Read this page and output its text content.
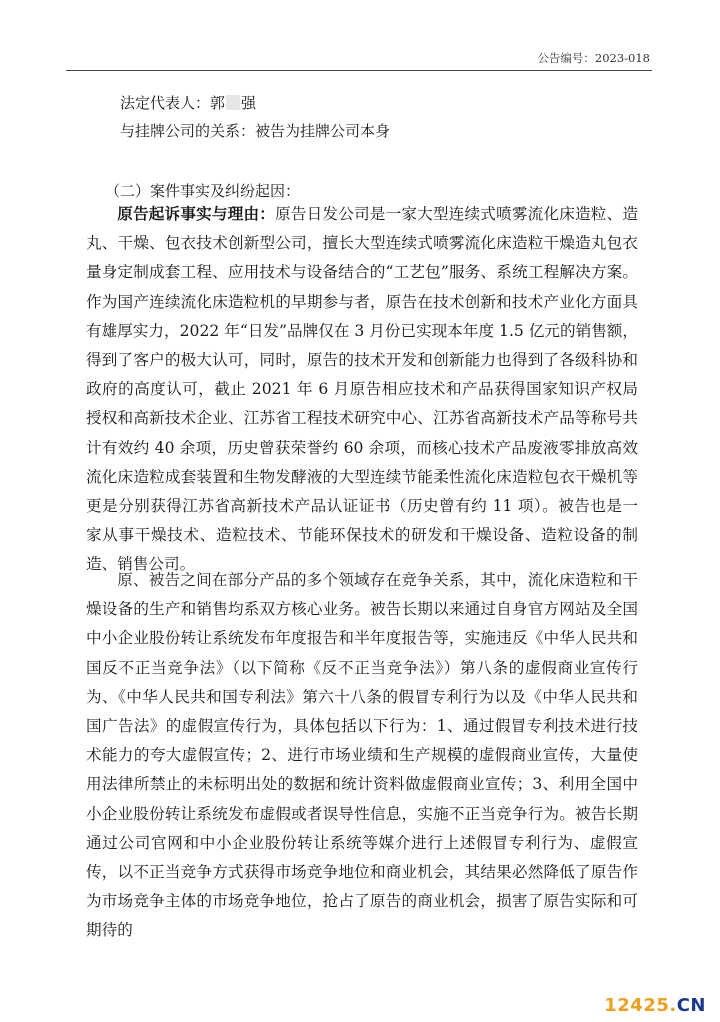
公告编号：2023-018
法定代表人：郭 强
与挂牌公司的关系：被告为挂牌公司本身
（二）案件事实及纠纷起因：

原告起诉事实与理由：原告日发公司是一家大型连续式喷雾流化床造粒、造丸、干燥、包衣技术创新型公司，擅长大型连续式喷雾流化床造粒干燥造丸包衣量身定制成套工程、应用技术与设备结合的“工艺包”服务、系统工程解决方案。作为国产连续流化床造粒机的早期参与者，原告在技术创新和技术产业化方面具有雄厚实力，2022 年“日发”品牌仅在 3 月份已实现本年度 1.5 亿元的销售额，得到了客户的极大认可，同时，原告的技术开发和创新能力也得到了各级科协和政府的高度认可，截止 2021 年 6 月原告相应技术和产品获得国家知识产权局授权和高新技术企业、江苏省工程技术研究中心、江苏省高新技术产品等称号共计有效约 40 余项，历史曾获荣誉约 60 余项，而核心技术产品废液零排放高效流化床造粒成套装置和生物发酵液的大型连续节能柔性流化床造粒包衣干燥机等更是分别获得江苏省高新技术产品认证证书（历史曾有约 11 项）。被告也是一家从事干燥技术、造粒技术、节能环保技术的研发和干燥设备、造粒设备的制造、销售公司。

原、被告之间在部分产品的多个领域存在竞争关系，其中，流化床造粒和干燥设备的生产和销售均系双方核心业务。被告长期以来通过自身官方网站及全国中小企业股份转让系统发布年度报告和半年度报告等，实施违反《中华人民共和国反不正当竞争法》（以下简称《反不正当竞争法》）第八条的虚假商业宣传行为、《中华人民共和国专利法》第六十八条的假冒专利行为以及《中华人民共和国广告法》的虚假宣传行为，具体包括以下行为：1、通过假冒专利技术进行技术能力的夸大虚假宣传；2、进行市场业绩和生产规模的虚假商业宣传，大量使用法律所禁止的未标明出处的数据和统计资料做虚假商业宣传；3、利用全国中小企业股份转让系统发布虚假或者误导性信息，实施不正当竞争行为。被告长期通过公司官网和中小企业股份转让系统等媒介进行上述假冒专利行为、虚假宣传，以不正当竞争方式获得市场竞争地位和商业机会，其结果必然降低了原告作为市场竞争主体的市场竞争地位，抢占了原告的商业机会，损害了原告实际和可期待的

12425.CN
